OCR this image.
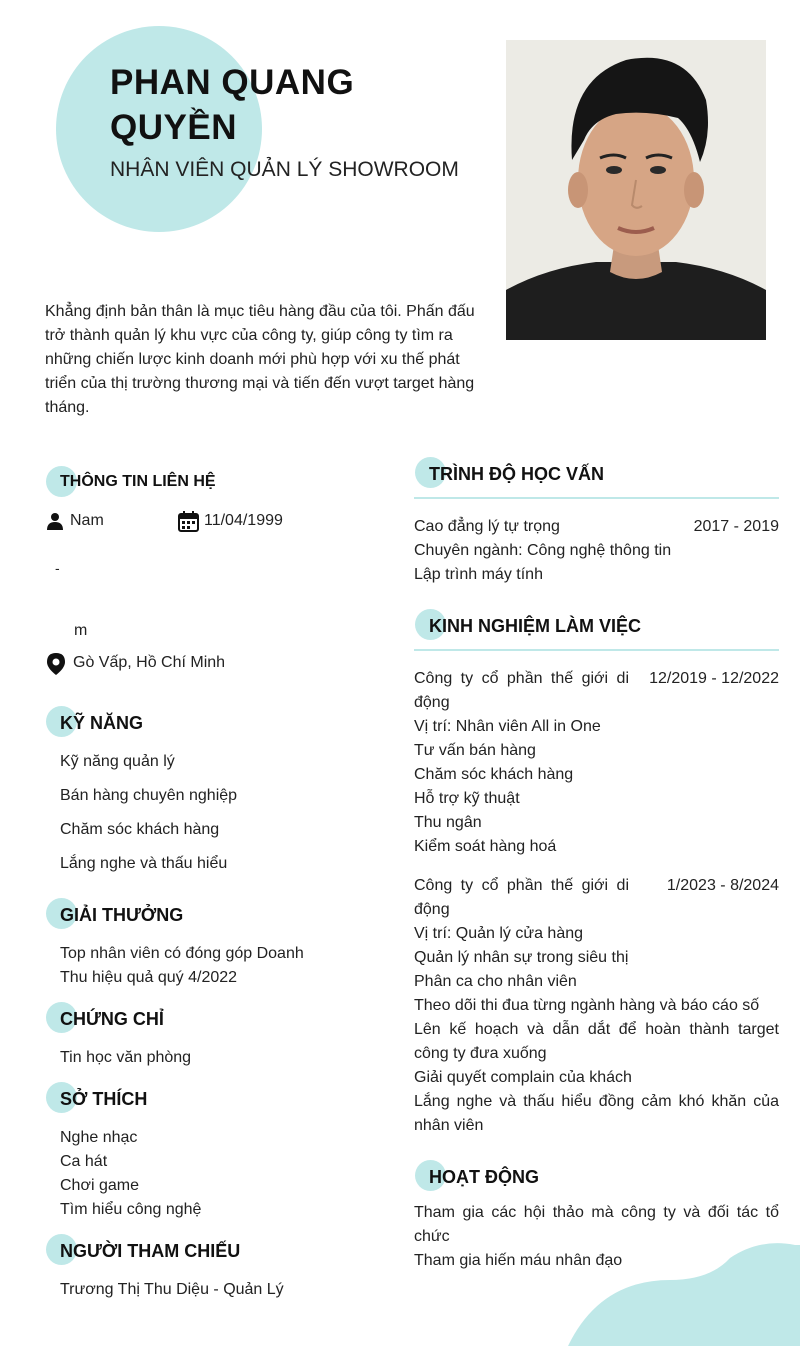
PHAN QUANG QUYỀN
NHÂN VIÊN QUẢN LÝ SHOWROOM
Khẳng định bản thân là mục tiêu hàng đầu của tôi. Phấn đấu trở thành quản lý khu vực của công ty, giúp công ty tìm ra những chiến lược kinh doanh mới phù hợp với xu thế phát triển của thị trường thương mại và tiến đến vượt target hàng tháng.
THÔNG TIN LIÊN HỆ
Nam	11/04/1999
-
m
Gò Vấp, Hồ Chí Minh
KỸ NĂNG
Kỹ năng quản lý
Bán hàng chuyên nghiệp
Chăm sóc khách hàng
Lắng nghe và thấu hiểu
GIẢI THƯỞNG
Top nhân viên có đóng góp Doanh
Thu hiệu quả quý 4/2022
CHỨNG CHỈ
Tin học văn phòng
SỞ THÍCH
Nghe nhạc
Ca hát
Chơi game
Tìm hiểu công nghệ
NGƯỜI THAM CHIẾU
Trương Thị Thu Diệu - Quản Lý
TRÌNH ĐỘ HỌC VẤN
Cao đẳng lý tự trọng	2017 - 2019
Chuyên ngành: Công nghệ thông tin
Lập trình máy tính
KINH NGHIỆM LÀM VIỆC
Công ty cổ phần thế giới di động
12/2019 - 12/2022
Vị trí: Nhân viên All in One
Tư vấn bán hàng
Chăm sóc khách hàng
Hỗ trợ kỹ thuật
Thu ngân
Kiểm soát hàng hoá
Công ty cổ phần thế giới di động
1/2023 - 8/2024
Vị trí: Quản lý cửa hàng
Quản lý nhân sự trong siêu thị
Phân ca cho nhân viên
Theo dõi thi đua từng ngành hàng và báo cáo số
Lên kế hoạch và dẫn dắt để hoàn thành target công ty đưa xuống
Giải quyết complain của khách
Lắng nghe và thấu hiểu đồng cảm khó khăn của nhân viên
HOẠT ĐỘNG
Tham gia các hội thảo mà công ty và đối tác tổ chức
Tham gia hiến máu nhân đạo
